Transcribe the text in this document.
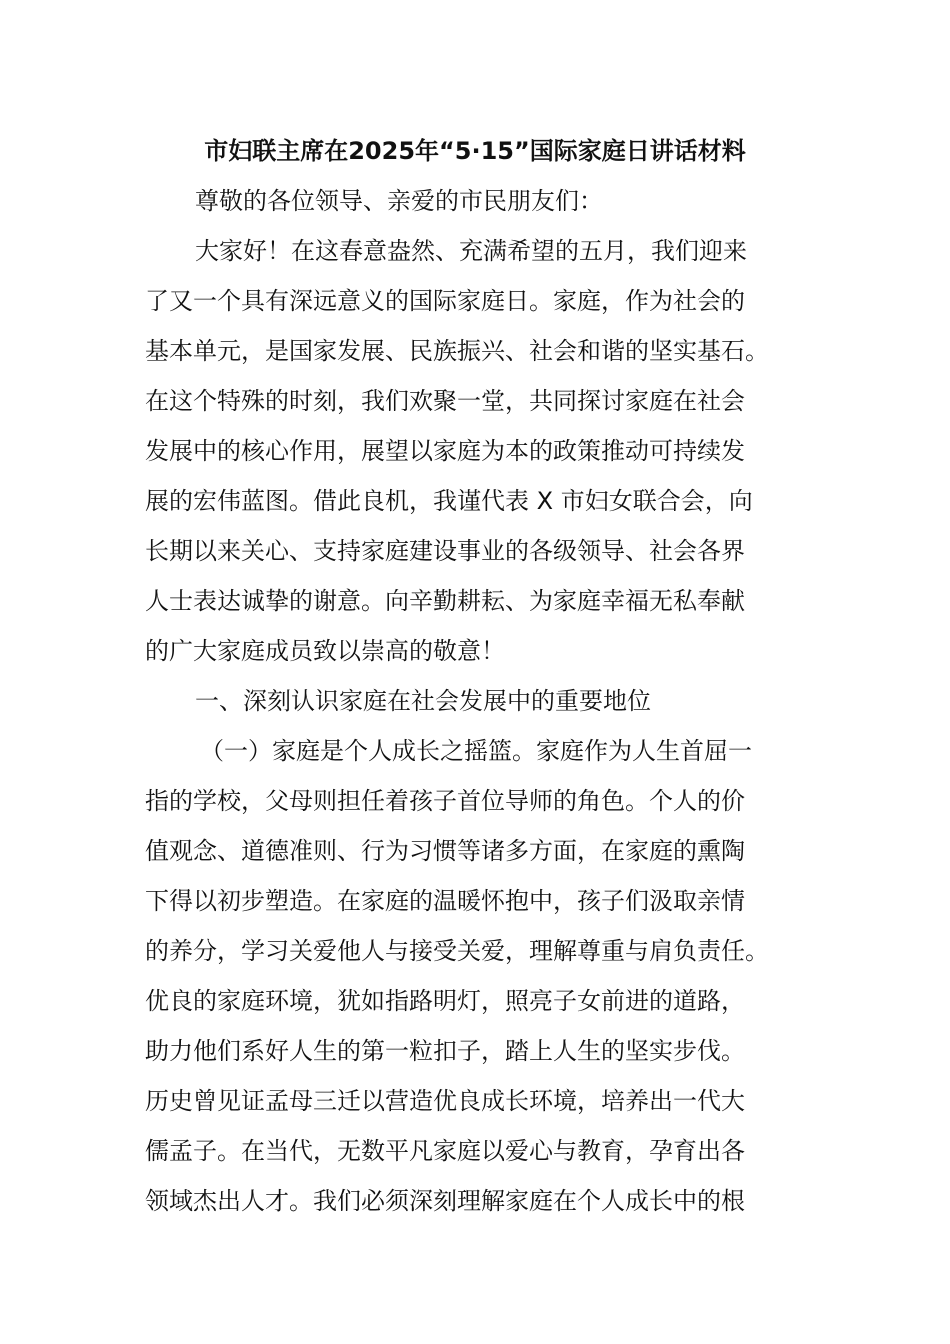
市妇联主席在2025年“5·15”国际家庭日讲话材料
尊敬的各位领导、亲爱的市民朋友们：
大家好！在这春意盎然、充满希望的五月，我们迎来
了又一个具有深远意义的国际家庭日。家庭，作为社会的
基本单元，是国家发展、民族振兴、社会和谐的坚实基石。
在这个特殊的时刻，我们欢聚一堂，共同探讨家庭在社会
发展中的核心作用，展望以家庭为本的政策推动可持续发
展的宏伟蓝图。借此良机，我谨代表 X 市妇女联合会，向
长期以来关心、支持家庭建设事业的各级领导、社会各界
人士表达诚挚的谢意。向辛勤耕耘、为家庭幸福无私奉献
的广大家庭成员致以崇高的敬意！
一、深刻认识家庭在社会发展中的重要地位
（一）家庭是个人成长之摇篮。家庭作为人生首屈一
指的学校，父母则担任着孩子首位导师的角色。个人的价
值观念、道德准则、行为习惯等诸多方面，在家庭的熏陶
下得以初步塑造。在家庭的温暖怀抱中，孩子们汲取亲情
的养分，学习关爱他人与接受关爱，理解尊重与肩负责任。
优良的家庭环境，犹如指路明灯，照亮子女前进的道路，
助力他们系好人生的第一粒扣子，踏上人生的坚实步伐。
历史曾见证孟母三迁以营造优良成长环境，培养出一代大
儒孟子。在当代，无数平凡家庭以爱心与教育，孕育出各
领域杰出人才。我们必须深刻理解家庭在个人成长中的根
